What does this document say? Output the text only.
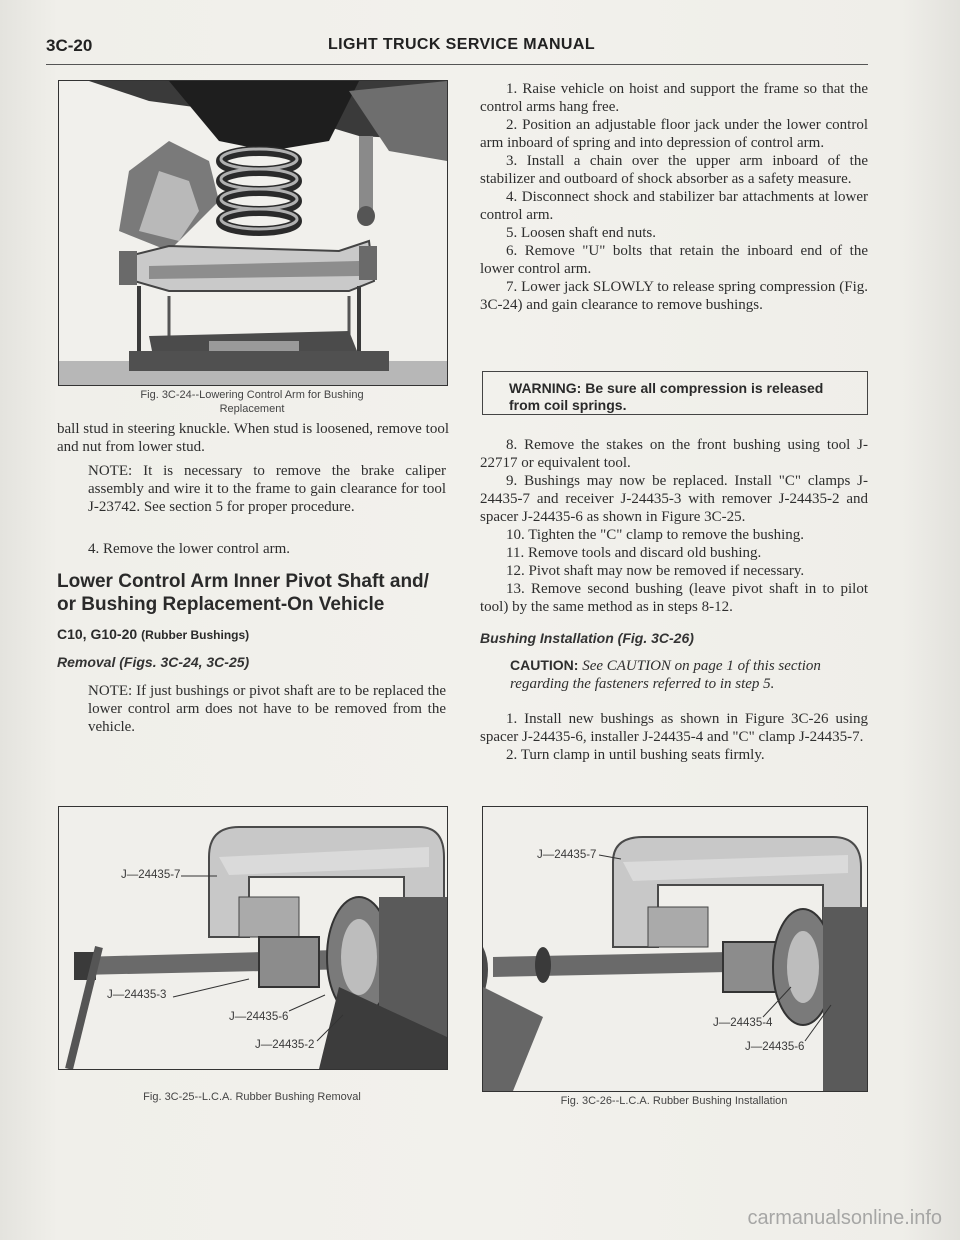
3C-20	LIGHT TRUCK SERVICE MANUAL
Fig. 3C-24--Lowering Control Arm for Bushing
Replacement

ball stud in steering knuckle. When stud is loosened, remove tool and nut from lower stud.

NOTE: It is necessary to remove the brake caliper assembly and wire it to the frame to gain clearance for tool J-23742. See section 5 for proper procedure.

4. Remove the lower control arm.

Lower Control Arm Inner Pivot Shaft and/ or Bushing Replacement-On Vehicle
C10, G10-20 (Rubber Bushings)
Removal (Figs. 3C-24, 3C-25)

NOTE: If just bushings or pivot shaft are to be replaced the lower control arm does not have to be removed from the vehicle.

1. Raise vehicle on hoist and support the frame so that the control arms hang free.

2. Position an adjustable floor jack under the lower control arm inboard of spring and into depression of control arm.

3. Install a chain over the upper arm inboard of the stabilizer and outboard of shock absorber as a safety measure.

4. Disconnect shock and stabilizer bar attachments at lower control arm.

5. Loosen shaft end nuts.

6. Remove "U" bolts that retain the inboard end of the lower control arm.

7. Lower jack SLOWLY to release spring compression (Fig. 3C-24) and gain clearance to remove bushings.

WARNING: Be sure all compression is released from coil springs.

8. Remove the stakes on the front bushing using tool J-22717 or equivalent tool.

9. Bushings may now be replaced. Install "C" clamps J-24435-7 and receiver J-24435-3 with remover J-24435-2 and spacer J-24435-6 as shown in Figure 3C-25.

10. Tighten the "C" clamp to remove the bushing.

11. Remove tools and discard old bushing.

12. Pivot shaft may now be removed if necessary.

13. Remove second bushing (leave pivot shaft in to pilot tool) by the same method as in steps 8-12.

Bushing Installation (Fig. 3C-26)

CAUTION: See CAUTION on page 1 of this section regarding the fasteners referred to in step 5.

1. Install new bushings as shown in Figure 3C-26 using spacer J-24435-6, installer J-24435-4 and "C" clamp J-24435-7.

2. Turn clamp in until bushing seats firmly.

J—24435-7
J—24435-3
J—24435-6
J—24435-2
Fig. 3C-25--L.C.A. Rubber Bushing Removal
J—24435-7
J—24435-4
J—24435-6
Fig. 3C-26--L.C.A. Rubber Bushing Installation
carmanualsonline.info
